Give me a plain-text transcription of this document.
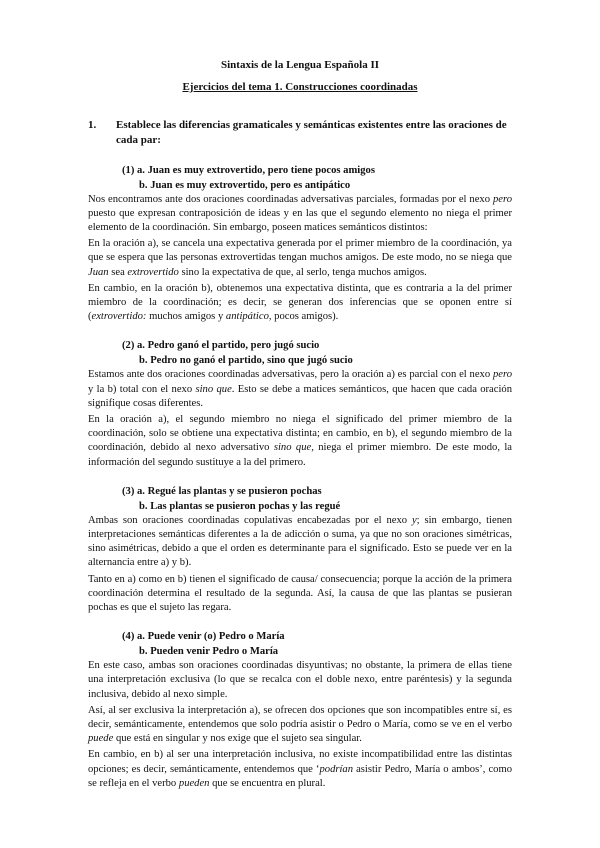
Sintaxis de la Lengua Española II

Ejercicios del tema 1. Construcciones coordinadas

1.	Establece las diferencias gramaticales y semánticas existentes entre las oraciones de cada par:
(1) a. Juan es muy extrovertido, pero tiene pocos amigos
b. Juan es muy extrovertido, pero es antipático

Nos encontramos ante dos oraciones coordinadas adversativas parciales, formadas por el nexo pero puesto que expresan contraposición de ideas y en las que el segundo elemento no niega el primer elemento de la coordinación. Sin embargo, poseen matices semánticos distintos:

En la oración a), se cancela una expectativa generada por el primer miembro de la coordinación, ya que se espera que las personas extrovertidas tengan muchos amigos. De este modo, no se niega que Juan sea extrovertido sino la expectativa de que, al serlo, tenga muchos amigos.

En cambio, en la oración b), obtenemos una expectativa distinta, que es contraria a la del primer miembro de la coordinación; es decir, se generan dos inferencias que se oponen entre sí (extrovertido: muchos amigos y antipático, pocos amigos).

(2) a. Pedro ganó el partido, pero jugó sucio
b. Pedro no ganó el partido, sino que jugó sucio

Estamos ante dos oraciones coordinadas adversativas, pero la oración a) es parcial con el nexo pero y la b) total con el nexo sino que. Esto se debe a matices semánticos, que hacen que cada oración signifique cosas diferentes.

En la oración a), el segundo miembro no niega el significado del primer miembro de la coordinación, solo se obtiene una expectativa distinta; en cambio, en b), el segundo miembro de la coordinación, debido al nexo adversativo sino que, niega el primer miembro. De este modo, la información del segundo sustituye a la del primero.

(3) a. Regué las plantas y se pusieron pochas
b. Las plantas se pusieron pochas y las regué

Ambas son oraciones coordinadas copulativas encabezadas por el nexo y; sin embargo, tienen interpretaciones semánticas diferentes a la de adicción o suma, ya que no son oraciones simétricas, sino asimétricas, debido a que el orden es determinante para el significado. Esto se puede ver en la alternancia entre a) y b).

Tanto en a) como en b) tienen el significado de causa/ consecuencia; porque la acción de la primera coordinación determina el resultado de la segunda. Así, la causa de que las plantas se pusieran pochas es que el sujeto las regara.

(4) a. Puede venir (o) Pedro o María
b. Pueden venir Pedro o María

En este caso, ambas son oraciones coordinadas disyuntivas; no obstante, la primera de ellas tiene una interpretación exclusiva (lo que se recalca con el doble nexo, entre paréntesis) y la segunda inclusiva, debido al nexo simple.

Así, al ser exclusiva la interpretación a), se ofrecen dos opciones que son incompatibles entre sí, es decir, semánticamente, entendemos que solo podría asistir o Pedro o María, como se ve en el verbo puede que está en singular y nos exige que el sujeto sea singular.

En cambio, en b) al ser una interpretación inclusiva, no existe incompatibilidad entre las distintas opciones; es decir, semánticamente, entendemos que ‘podrían asistir Pedro, María o ambos’, como se refleja en el verbo pueden que se encuentra en plural.
